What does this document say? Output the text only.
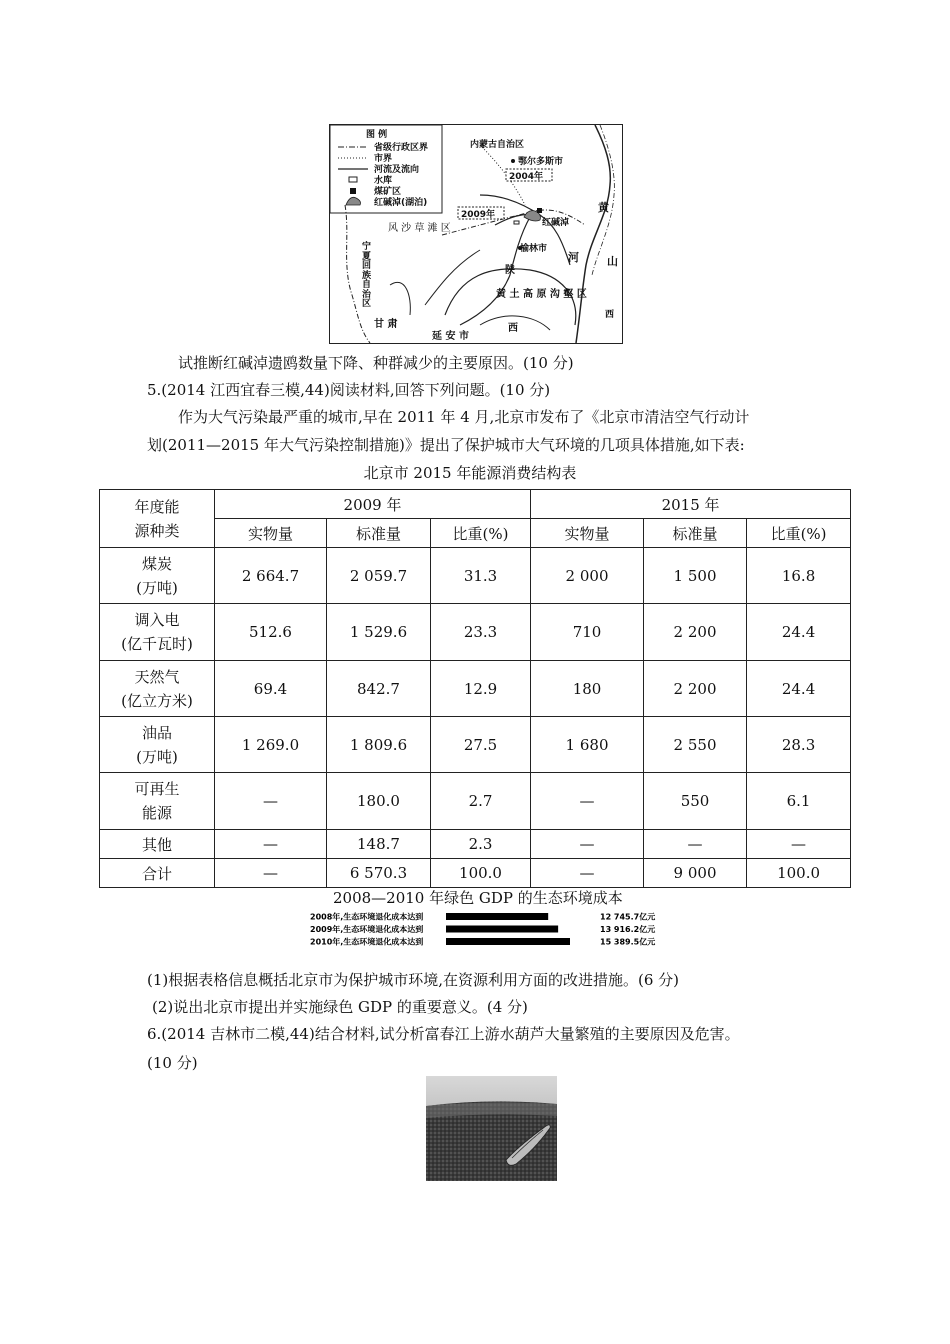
图 例
省级行政区界
市界
河流及流向
水库
煤矿区
红碱淖(湖泊)
内蒙古自治区
鄂尔多斯市
2004年
2009年
红碱淖
黄
河	山
西
风 沙 草 滩 区
榆林市
陕
黄 土 高 原 沟 壑 区
甘 肃
延 安 市
西
宁夏回族自治区
试推断红碱淖遗鸥数量下降、种群减少的主要原因。(10 分)
5.(2014 江西宜春三模,44)阅读材料,回答下列问题。(10 分)
作为大气污染最严重的城市,早在 2011 年 4 月,北京市发布了《北京市清洁空气行动计
划(2011—2015 年大气污染控制措施)》提出了保护城市大气环境的几项具体措施,如下表:
北京市 2015 年能源消费结构表
年度能
源种类	2009 年			2015 年		
	实物量	标准量	比重(%)	实物量	标准量	比重(%)

煤炭
(万吨)	2 664.7	2 059.7	31.3	2 000	1 500	16.8

调入电
(亿千瓦时)	512.6	1 529.6	23.3	710	2 200	24.4

天然气
(亿立方米)	69.4	842.7	12.9	180	2 200	24.4

油品
(万吨)	1 269.0	1 809.6	27.5	1 680	2 550	28.3

可再生
能源	—	180.0	2.7	—	550	6.1
其他	—	148.7	2.3	—	—	—
合计	—	6 570.3	100.0	—	9 000	100.0
2008—2010 年绿色 GDP 的生态环境成本
2008年,生态环境退化成本达到	12 745.7亿元
2009年,生态环境退化成本达到	13 916.2亿元
2010年,生态环境退化成本达到	15 389.5亿元
(1)根据表格信息概括北京市为保护城市环境,在资源利用方面的改进措施。(6 分)
(2)说出北京市提出并实施绿色 GDP 的重要意义。(4 分)
6.(2014 吉林市二模,44)结合材料,试分析富春江上游水葫芦大量繁殖的主要原因及危害。
(10 分)
